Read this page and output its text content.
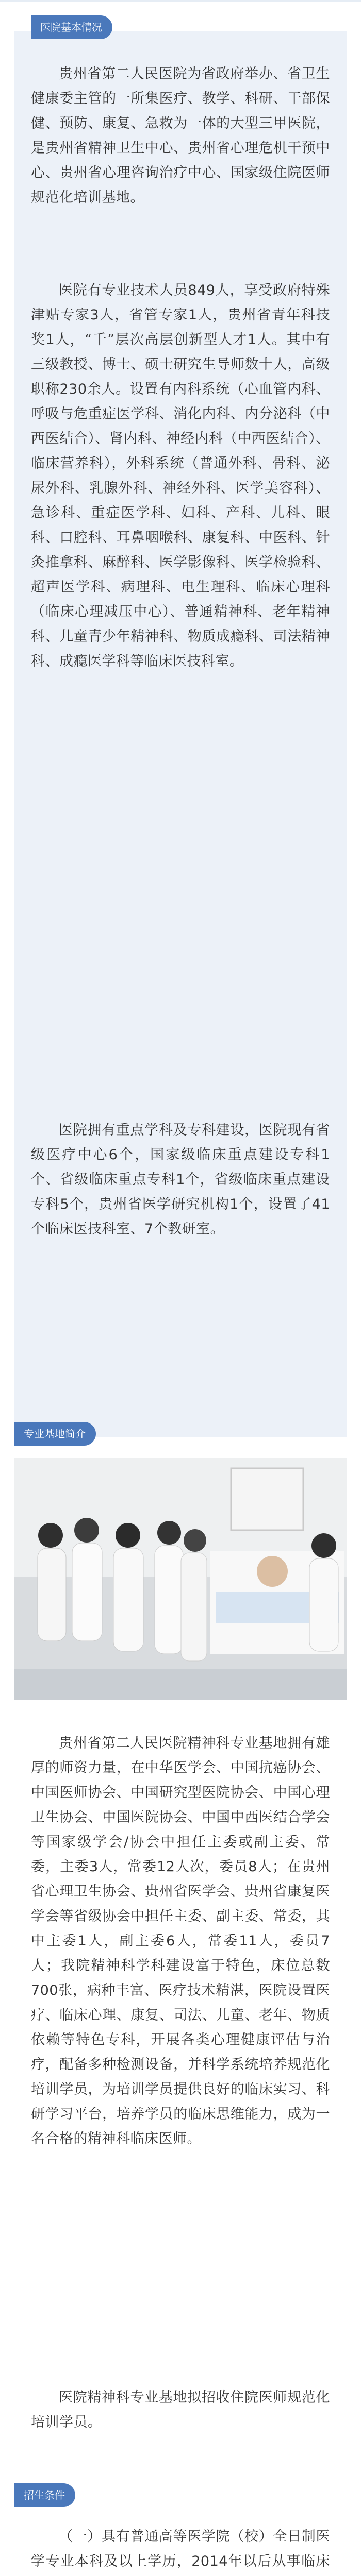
医院基本情况

贵州省第二人民医院为省政府举办、省卫生健康委主管的一所集医疗、教学、科研、干部保健、预防、康复、急救为一体的大型三甲医院，是贵州省精神卫生中心、贵州省心理危机干预中心、贵州省心理咨询治疗中心、国家级住院医师规范化培训基地。

医院有专业技术人员849人，享受政府特殊津贴专家3人，省管专家1人，贵州省青年科技奖1人，“千”层次高层创新型人才1人。其中有三级教授、博士、硕士研究生导师数十人，高级职称230余人。设置有内科系统（心血管内科、呼吸与危重症医学科、消化内科、内分泌科（中西医结合）、肾内科、神经内科（中西医结合）、临床营养科），外科系统（普通外科、骨科、泌尿外科、乳腺外科、神经外科、医学美容科）、急诊科、重症医学科、妇科、产科、儿科、眼科、口腔科、耳鼻咽喉科、康复科、中医科、针灸推拿科、麻醉科、医学影像科、医学检验科、超声医学科、病理科、电生理科、临床心理科（临床心理减压中心）、普通精神科、老年精神科、儿童青少年精神科、物质成瘾科、司法精神科、成瘾医学科等临床医技科室。

医院拥有重点学科及专科建设，医院现有省级医疗中心6个，国家级临床重点建设专科1个、省级临床重点专科1个，省级临床重点建设专科5个，贵州省医学研究机构1个，设置了41个临床医技科室、7个教研室。

专业基地简介

贵州省第二人民医院精神科专业基地拥有雄厚的师资力量，在中华医学会、中国抗癌协会、中国医师协会、中国研究型医院协会、中国心理卫生协会、中国医院协会、中国中西医结合学会等国家级学会/协会中担任主委或副主委、常委，主委3人，常委12人次，委员8人；在贵州省心理卫生协会、贵州省医学会、贵州省康复医学会等省级协会中担任主委、副主委、常委，其中主委1人，副主委6人，常委11人，委员7人；我院精神科学科建设富于特色，床位总数700张，病种丰富、医疗技术精湛，医院设置医疗、临床心理、康复、司法、儿童、老年、物质依赖等特色专科，开展各类心理健康评估与治疗，配备多种检测设备，并科学系统培养规范化培训学员，为培训学员提供良好的临床实习、科研学习平台，培养学员的临床思维能力，成为一名合格的精神科临床医师。

医院精神科专业基地拟招收住院医师规范化培训学员。

招生条件

（一）具有普通高等医学院（校）全日制医学专业本科及以上学历，2014年以后从事临床
